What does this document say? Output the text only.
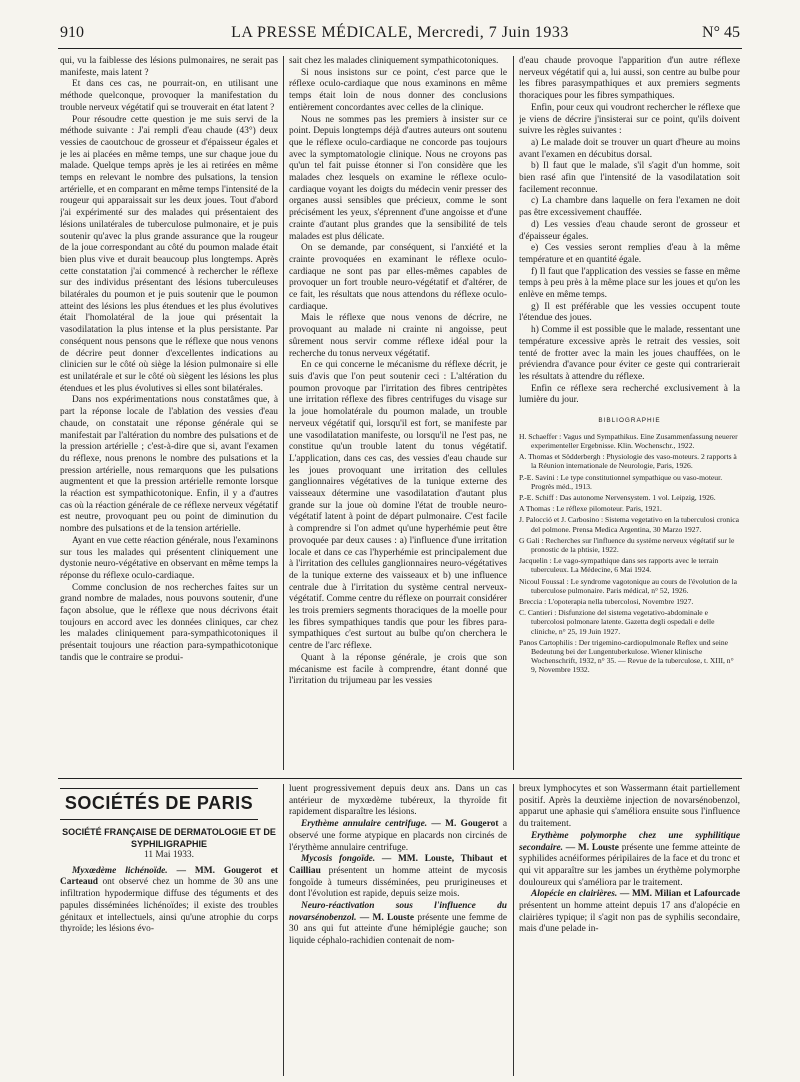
910	LA PRESSE MÉDICALE, Mercredi, 7 Juin 1933	N° 45

qui, vu la faiblesse des lésions pulmonaires, ne serait pas manifeste, mais latent ?

Et dans ces cas, ne pourrait-on, en utilisant une méthode quelconque, provoquer la manifestation du trouble nerveux végétatif qui se trouverait en état latent ?

Pour résoudre cette question je me suis servi de la méthode suivante : J'ai rempli d'eau chaude (43°) deux vessies de caoutchouc de grosseur et d'épaisseur égales et je les ai placées en même temps, une sur chaque joue du malade. Quelque temps après je les ai retirées en même temps en relevant le nombre des pulsations, la tension artérielle, et en comparant en même temps l'intensité de la rougeur qui apparaissait sur les deux joues. Tout d'abord j'ai expérimenté sur des malades qui présentaient des lésions unilatérales de tuberculose pulmonaire, et je puis soutenir qu'avec la plus grande assurance que la rougeur de la joue correspondant au côté du poumon malade était bien plus vive et durait beaucoup plus longtemps. Après cette constatation j'ai commencé à rechercher le réflexe sur des individus présentant des lésions tuberculeuses bilatérales du poumon et je puis soutenir que le poumon atteint des lésions les plus étendues et les plus évolutives était l'homolatéral de la joue qui présentait la vasodilatation la plus intense et la plus persistante. Par conséquent nous pensons que le réflexe que nous venons de décrire peut donner d'excellentes indications au clinicien sur le côté où siège la lésion pulmonaire si elle est unilatérale et sur le côté où siègent les lésions les plus étendues et les plus évolutives si elles sont bilatérales.

Dans nos expérimentations nous constatâmes que, à part la réponse locale de l'ablation des vessies d'eau chaude, on constatait une réponse générale qui se manifestait par l'altération du nombre des pulsations et de la pression artérielle ; c'est-à-dire que si, avant l'examen du réflexe, nous prenons le nombre des pulsations et la pression artérielle, nous remarquons que les pulsations augmentent et que la pression artérielle remonte lorsque la réaction est sympathicotonique. Enfin, il y a d'autres cas où la réaction générale de ce réflexe nerveux végétatif est neutre, provoquant peu ou point de diminution du nombre des pulsations et de la tension artérielle.

Ayant en vue cette réaction générale, nous l'examinons sur tous les malades qui présentent cliniquement une dystonie neuro-végétative en observant en même temps la réponse du réflexe oculo-cardiaque.

Comme conclusion de nos recherches faites sur un grand nombre de malades, nous pouvons soutenir, d'une façon absolue, que le réflexe que nous décrivons était toujours en accord avec les données cliniques, car chez les malades cliniquement para-sympathicotoniques il présentait toujours une réaction para-sympathicotonique tandis que le contraire se produi-

sait chez les malades cliniquement sympathicotoniques.

Si nous insistons sur ce point, c'est parce que le réflexe oculo-cardiaque que nous examinons en même temps était loin de nous donner des conclusions entièrement concordantes avec celles de la clinique.

Nous ne sommes pas les premiers à insister sur ce point. Depuis longtemps déjà d'autres auteurs ont soutenu que le réflexe oculo-cardiaque ne concorde pas toujours avec la symptomatologie clinique. Nous ne croyons pas qu'un tel fait puisse étonner si l'on considère que les malades chez lesquels on examine le réflexe oculo-cardiaque voyant les doigts du médecin venir presser des organes aussi sensibles que précieux, comme le sont précisément les yeux, s'éprennent d'une angoisse et d'une crainte d'autant plus grandes que la sensibilité de tels malades est plus délicate.

On se demande, par conséquent, si l'anxiété et la crainte provoquées en examinant le réflexe oculo-cardiaque ne sont pas par elles-mêmes capables de provoquer un fort trouble neuro-végétatif et d'altérer, de ce fait, les résultats que nous attendons du réflexe oculo-cardiaque.

Mais le réflexe que nous venons de décrire, ne provoquant au malade ni crainte ni angoisse, peut sûrement nous servir comme réflexe idéal pour la recherche du tonus nerveux végétatif.

En ce qui concerne le mécanisme du réflexe décrit, je suis d'avis que l'on peut soutenir ceci : L'altération du poumon provoque par l'irritation des fibres centripètes une irritation réflexe des fibres centrifuges du visage sur la joue homolatérale du poumon malade, un trouble nerveux végétatif qui, lorsqu'il est fort, se manifeste par une vasodilatation manifeste, ou lorsqu'il ne l'est pas, ne constitue qu'un trouble latent du tonus végétatif. L'application, dans ces cas, des vessies d'eau chaude sur les joues provoquant une irritation des cellules ganglionnaires végétatives de la tunique externe des vaisseaux détermine une vasodilatation d'autant plus grande sur la joue où domine l'état de trouble neuro-végétatif latent à point de départ pulmonaire. C'est facile à comprendre si l'on admet qu'une hyperhémie peut être provoquée par deux causes : a) l'influence d'une irritation locale et dans ce cas l'hyperhémie est principalement due à l'irritation des cellules ganglionnaires neuro-végétatives de la tunique externe des vaisseaux et b) une influence centrale due à l'irritation du système central nerveux-végétatif. Comme centre du réflexe on pourrait considérer les trois premiers segments thoraciques de la moelle pour les fibres sympathiques tandis que pour les fibres para-sympathiques c'est surtout au bulbe qu'on cherchera le centre de l'arc réflexe.

Quant à la réponse générale, je crois que son mécanisme est facile à comprendre, étant donné que l'irritation du trijumeau par les vessies

d'eau chaude provoque l'apparition d'un autre réflexe nerveux végétatif qui a, lui aussi, son centre au bulbe pour les fibres parasympathiques et aux premiers segments thoraciques pour les fibres sympathiques.

Enfin, pour ceux qui voudront rechercher le réflexe que je viens de décrire j'insisterai sur ce point, qu'ils doivent suivre les règles suivantes :

a) Le malade doit se trouver un quart d'heure au moins avant l'examen en décubitus dorsal.

b) Il faut que le malade, s'il s'agit d'un homme, soit bien rasé afin que l'intensité de la vasodilatation soit facilement reconnue.

c) La chambre dans laquelle on fera l'examen ne doit pas être excessivement chauffée.

d) Les vessies d'eau chaude seront de grosseur et d'épaisseur égales.

e) Ces vessies seront remplies d'eau à la même température et en quantité égale.

f) Il faut que l'application des vessies se fasse en même temps à peu près à la même place sur les joues et qu'on les enlève en même temps.

g) Il est préférable que les vessies occupent toute l'étendue des joues.

h) Comme il est possible que le malade, ressentant une température excessive après le retrait des vessies, soit tenté de frotter avec la main les joues chauffées, on le préviendra d'avance pour éviter ce geste qui contrarierait les résultats à attendre du réflexe.

Enfin ce réflexe sera recherché exclusivement à la lumière du jour.

BIBLIOGRAPHIE
H. Schaeffer : Vagus und Sympathikus. Eine Zusammenfassung neuerer experimenteller Ergebnisse. Klin. Wochenschr., 1922.
A. Thomas et Södderbergh : Physiologie des vaso-moteurs. 2 rapports à la Réunion internationale de Neurologie, Paris, 1926.
P.-E. Savini : Le type constitutionnel sympathique ou vaso-moteur. Progrès méd., 1913.
P.-E. Schiff : Das autonome Nervensystem. 1 vol. Leipzig, 1926.
A Thomas : Le réflexe pilomoteur. Paris, 1921.
J. Palocció et J. Carbosino : Sistema vegetativo en la tuberculosi cronica del polmone. Prensa Medica Argentina, 30 Marzo 1927.
G Gali : Recherches sur l'influence du système nerveux végétatif sur le pronostic de la phtisie, 1922.
Jacquelin : Le vago-sympathique dans ses rapports avec le terrain tuberculeux. La Médecine, 6 Mai 1924.
Nicoul Foussal : Le syndrome vagotonique au cours de l'évolution de la tuberculose pulmonaire. Paris médical, n° 52, 1926.
Breccia : L'opoterapia nella tubercolosi, Novembre 1927.
C. Cantieri : Disfunzione del sistema vegetativo-abdominale e tubercolosi polmonare latente. Gazetta degli ospedali e delle cliniche, n° 25, 19 Juin 1927.
Panos Cartophilis : Der trigemino-cardiopulmonale Reflex und seine Bedeutung bei der Lungentuberkulose. Wiener klinische Wochenschrift, 1932, n° 35. — Revue de la tuberculose, t. XIII, n° 9, Novembre 1932.
SOCIÉTÉS DE PARIS
SOCIÉTÉ FRANÇAISE DE DERMATOLOGIE ET DE SYPHILIGRAPHIE
11 Mai 1933.

Myxœdème lichénoïde. — MM. Gougerot et Carteaud ont observé chez un homme de 30 ans une infiltration hypodermique diffuse des téguments et des papules disséminées lichénoïdes; il existe des troubles génitaux et intellectuels, ainsi qu'une atrophie du corps thyroïde; les lésions évo-

luent progressivement depuis deux ans. Dans un cas antérieur de myxœdème tubéreux, la thyroïde fit rapidement disparaître les lésions.

Erythème annulaire centrifuge. — M. Gougerot a observé une forme atypique en placards non circinés de l'érythème annulaire centrifuge.

Mycosis fongoïde. — MM. Louste, Thibaut et Cailliau présentent un homme atteint de mycosis fongoïde à tumeurs disséminées, peu prurigineuses et dont l'évolution est rapide, depuis seize mois.

Neuro-réactivation sous l'influence du novarsénobenzol. — M. Louste présente une femme de 30 ans qui fut atteinte d'une hémiplégie gauche; son liquide céphalo-rachidien contenait de nom-

breux lymphocytes et son Wassermann était partiellement positif. Après la deuxième injection de novarsénobenzol, apparut une aphasie qui s'améliora ensuite sous l'influence du traitement.

Erythème polymorphe chez une syphilitique secondaire. — M. Louste présente une femme atteinte de syphilides acnéiformes péripilaires de la face et du tronc et qui vit apparaître sur les jambes un érythème polymorphe douloureux qui s'améliora par le traitement.

Alopécie en clairières. — MM. Milian et Lafourcade présentent un homme atteint depuis 17 ans d'alopécie en clairières typique; il s'agit non pas de syphilis secondaire, mais d'une pelade in-
